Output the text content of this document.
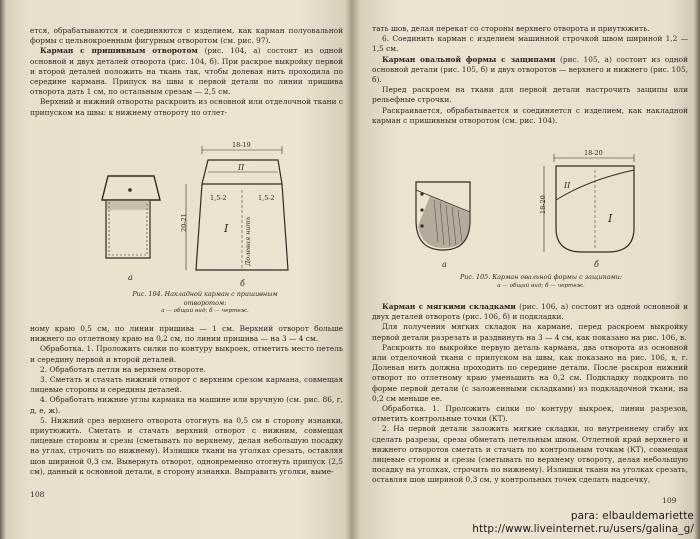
ется, обрабатываются и соединяются с изделием, как карман полуовальной формы с цельнокроенным фигурным отворотом (см. рис. 97).

Карман с пришивным отворотом (рис. 104, а) состоит из одной основной и двух деталей отворота (рис. 104, б). При раскрое выкройку первой и второй деталей положить на ткань так, чтобы долевая нить проходила по середине кармана. Припуск на швы к первой детали по линии пришива отворота дать 1 см, по остальным срезам — 2,5 см.

Верхний и нижний отвороты раскроить из основной или отделочной ткани с припуском на швы: к нижнему отвороту по отлет-

а
18-19
20-21
1,5-2	1,5-2
Долевая нить
II
I
б
Рис. 104. Накладной карман с пришивным отворотом:
а — общий вид; б — чертеж.

ному краю 0,5 см, по линии пришива — 1 см. Верхний отворот больше нижнего по отлетному краю на 0,2 см, по линии пришива — на 3 — 4 см.

Обработка. 1. Проложить силки по контуру выкроек, отметить место петель и середину первой и второй деталей.

2. Обработать петли на верхнем отвороте.

3. Сметать и стачать нижний отворот с верхним срезом кармана, совмещая лицевые стороны и середины деталей.

4. Обработать нижние углы кармака на машине или вручную (см. рис. 86, г, д, е, ж).

5. Нижний срез верхнего отворота отогнуть на 0,5 см в сторону изнанки, приутюжить. Сметать и стачать верхний отворот с нижним, совмещая лицевые стороны и срезы (сметывать по верхнему, делая небольшую посадку на углах, строчить по нижнему). Излишки ткани на уголках срезать, оставляя шов шириной 0,3 см. Вывернуть отворот, одновременно отогнуть припуск (2,5 см), данный к основной детали, в сторону изнанки. Выправить уголки, выме-

108

тать шов, делая перекат со стороны верхнего отворота и приутюжить.

6. Соединить карман с изделием машинной строчкой швом шириной 1,2 — 1,5 см.

Карман овальной формы с защипами (рис. 105, а) состоит из одной основной детали (рис. 105, б) и двух отворотов — верхнего и нижнего (рис. 105, б).

Перед раскроем на ткани для первой детали настрочить защипы или рельефные строчки.

Раскраивается, обрабатывается и соединяется с изделием, как накладной карман с пришивным отворотом (см. рис. 104).

а
18-20
18-20
II
I
б
Рис. 105. Карман овальной формы с защипами:
а — общий вид; б — чертеж.

Карман с мягкими складками (рис. 106, а) состоит из одной основной и двух деталей отворота (рис. 106, б) и подкладки.

Для получения мягких складок на кармане, перед раскроем выкройку первой детали разрезать и раздвинуть на 3 — 4 см, как показано на рис. 106, в.

Раскроить по выкройке первую деталь кармана, два отворота из основной или отделочной ткани с припуском на швы, как показано на рис. 106, в, г. Долевая нить должна проходить по середине детали. После раскроя нижний отворот по отлетному краю уменьшить на 0,2 см. Подкладку подкроить по форме первой детали (с заложенными складками) из подкладочной ткани, на 0,2 см меньше ее.

Обработка. 1. Проложить силки по контуру выкроек, линии разрезов, отметить контрольные точки (КТ).

2. На первой детали заложить мягкие складки, по внутреннему сгибу их сделать разрезы, срезы обметать петельным швом. Отлетной край верхнего и нижнего отворотов сметать и стачать по контрольным точкам (КТ), совмещая лицевые стороны и срезы (сметывать по верхнему отвороту, делая небольшую посадку на уголках, строчить по нижнему). Излишки ткани на уголках срезать, оставляя шов шириной 0,3 см, у контрольных точек сделать надсечку,

109
para: elbauldemariette
http://www.liveinternet.ru/users/galina_g/
